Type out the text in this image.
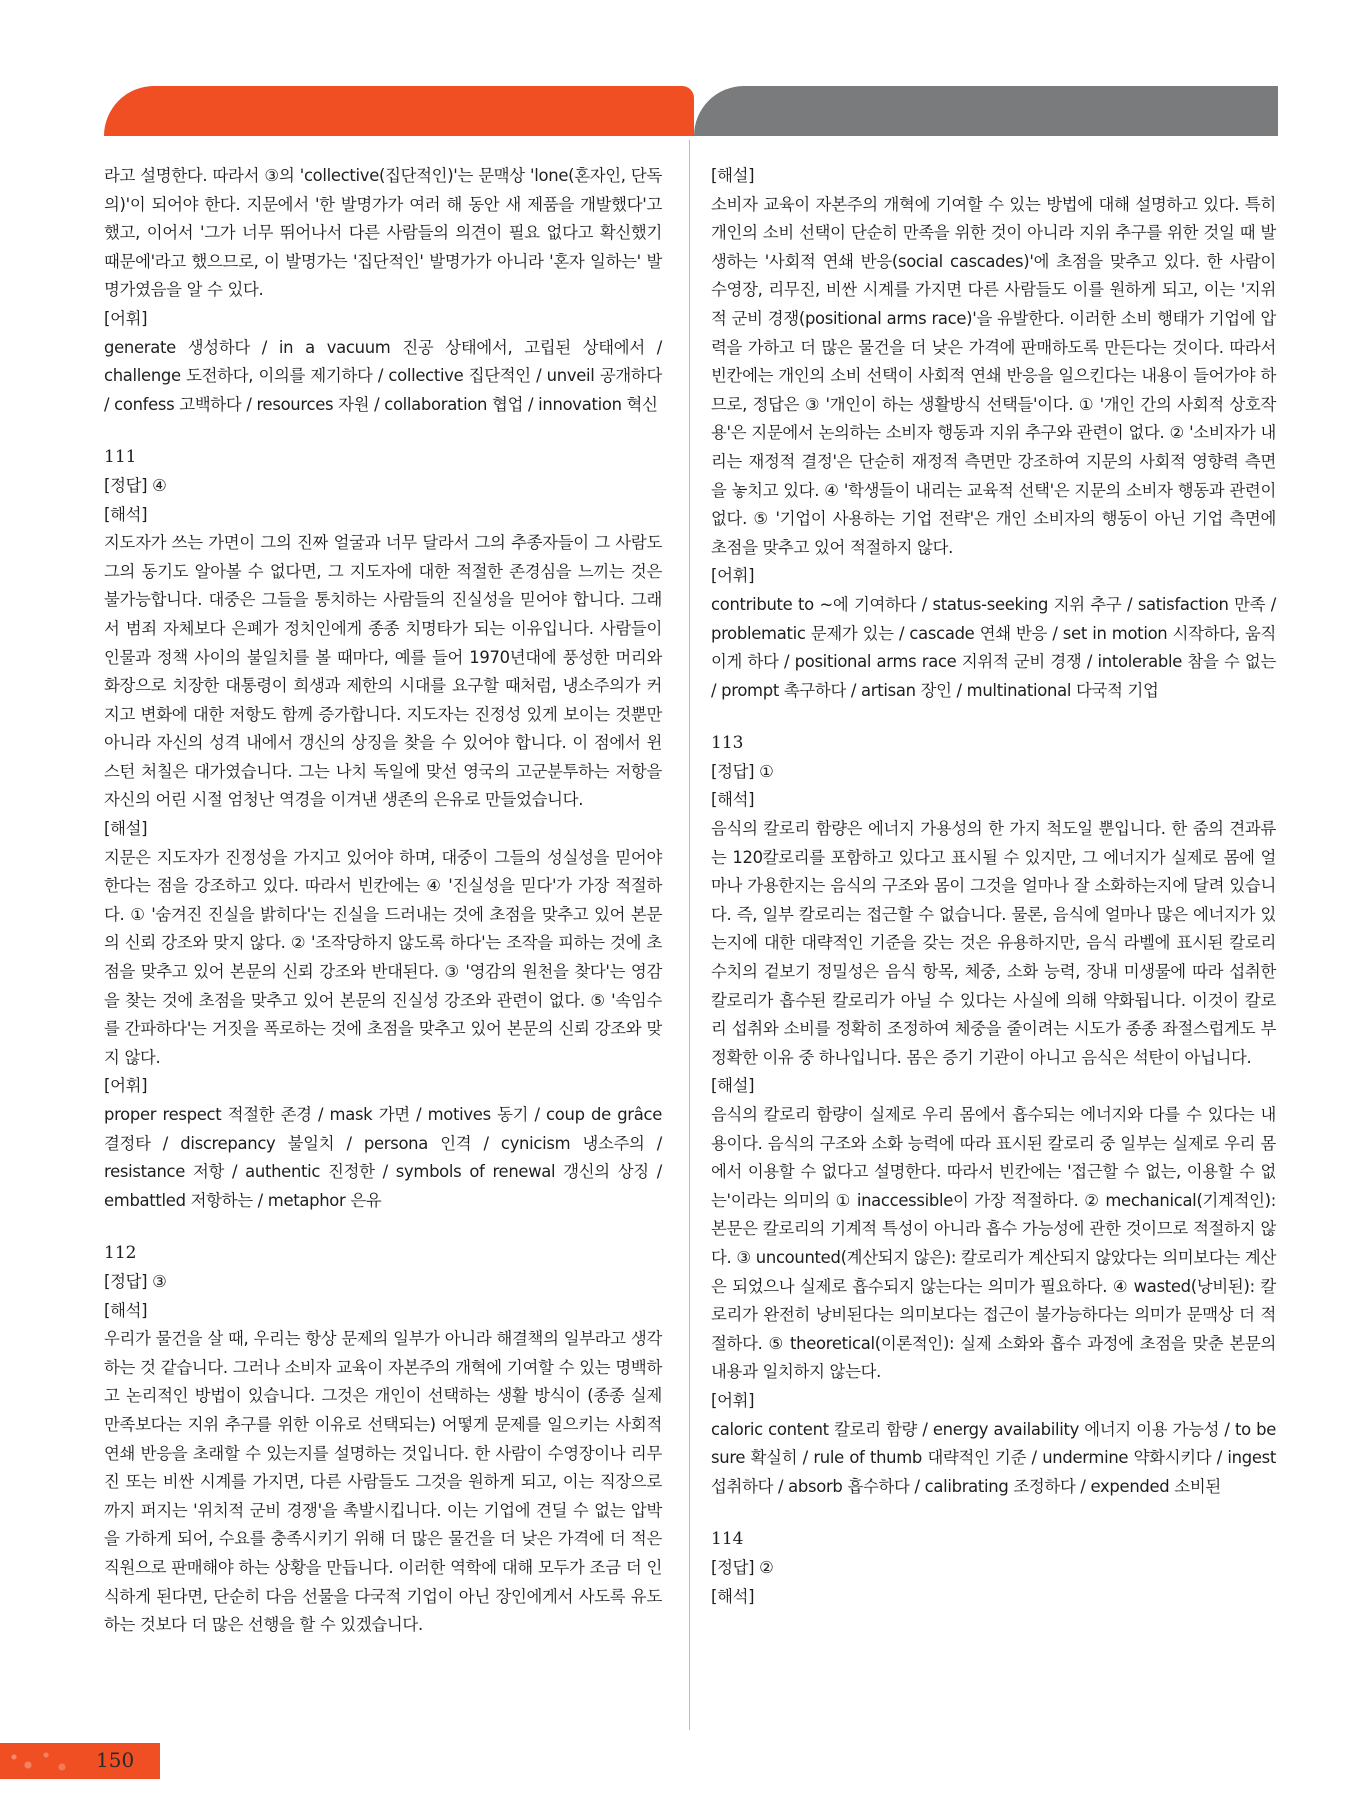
라고 설명한다. 따라서 ③의 'collective(집단적인)'는 문맥상 'lone(혼자인, 단독의)'이 되어야 한다. 지문에서 '한 발명가가 여러 해 동안 새 제품을 개발했다'고 했고, 이어서 '그가 너무 뛰어나서 다른 사람들의 의견이 필요 없다고 확신했기 때문에'라고 했으므로, 이 발명가는 '집단적인' 발명가가 아니라 '혼자 일하는' 발명가였음을 알 수 있다.
[어휘]
generate 생성하다 / in a vacuum 진공 상태에서, 고립된 상태에서 / challenge 도전하다, 이의를 제기하다 / collective 집단적인 / unveil 공개하다 / confess 고백하다 / resources 자원 / collaboration 협업 / innovation 혁신
111
[정답] ④
[해석]
지도자가 쓰는 가면이 그의 진짜 얼굴과 너무 달라서 그의 추종자들이 그 사람도 그의 동기도 알아볼 수 없다면, 그 지도자에 대한 적절한 존경심을 느끼는 것은 불가능합니다. 대중은 그들을 통치하는 사람들의 진실성을 믿어야 합니다. 그래서 범죄 자체보다 은폐가 정치인에게 종종 치명타가 되는 이유입니다. 사람들이 인물과 정책 사이의 불일치를 볼 때마다, 예를 들어 1970년대에 풍성한 머리와 화장으로 치장한 대통령이 희생과 제한의 시대를 요구할 때처럼, 냉소주의가 커지고 변화에 대한 저항도 함께 증가합니다. 지도자는 진정성 있게 보이는 것뿐만 아니라 자신의 성격 내에서 갱신의 상징을 찾을 수 있어야 합니다. 이 점에서 윈스턴 처칠은 대가였습니다. 그는 나치 독일에 맞선 영국의 고군분투하는 저항을 자신의 어린 시절 엄청난 역경을 이겨낸 생존의 은유로 만들었습니다.
[해설]
지문은 지도자가 진정성을 가지고 있어야 하며, 대중이 그들의 성실성을 믿어야 한다는 점을 강조하고 있다. 따라서 빈칸에는 ④ '진실성을 믿다'가 가장 적절하다. ① '숨겨진 진실을 밝히다'는 진실을 드러내는 것에 초점을 맞추고 있어 본문의 신뢰 강조와 맞지 않다. ② '조작당하지 않도록 하다'는 조작을 피하는 것에 초점을 맞추고 있어 본문의 신뢰 강조와 반대된다. ③ '영감의 원천을 찾다'는 영감을 찾는 것에 초점을 맞추고 있어 본문의 진실성 강조와 관련이 없다. ⑤ '속임수를 간파하다'는 거짓을 폭로하는 것에 초점을 맞추고 있어 본문의 신뢰 강조와 맞지 않다.
[어휘]
proper respect 적절한 존경 / mask 가면 / motives 동기 / coup de grâce 결정타 / discrepancy 불일치 / persona 인격 / cynicism 냉소주의 / resistance 저항 / authentic 진정한 / symbols of renewal 갱신의 상징 / embattled 저항하는 / metaphor 은유
112
[정답] ③
[해석]
우리가 물건을 살 때, 우리는 항상 문제의 일부가 아니라 해결책의 일부라고 생각하는 것 같습니다. 그러나 소비자 교육이 자본주의 개혁에 기여할 수 있는 명백하고 논리적인 방법이 있습니다. 그것은 개인이 선택하는 생활 방식이 (종종 실제 만족보다는 지위 추구를 위한 이유로 선택되는) 어떻게 문제를 일으키는 사회적 연쇄 반응을 초래할 수 있는지를 설명하는 것입니다. 한 사람이 수영장이나 리무진 또는 비싼 시계를 가지면, 다른 사람들도 그것을 원하게 되고, 이는 직장으로까지 퍼지는 '위치적 군비 경쟁'을 촉발시킵니다. 이는 기업에 견딜 수 없는 압박을 가하게 되어, 수요를 충족시키기 위해 더 많은 물건을 더 낮은 가격에 더 적은 직원으로 판매해야 하는 상황을 만듭니다. 이러한 역학에 대해 모두가 조금 더 인식하게 된다면, 단순히 다음 선물을 다국적 기업이 아닌 장인에게서 사도록 유도하는 것보다 더 많은 선행을 할 수 있겠습니다.
[해설]
소비자 교육이 자본주의 개혁에 기여할 수 있는 방법에 대해 설명하고 있다. 특히 개인의 소비 선택이 단순히 만족을 위한 것이 아니라 지위 추구를 위한 것일 때 발생하는 '사회적 연쇄 반응(social cascades)'에 초점을 맞추고 있다. 한 사람이 수영장, 리무진, 비싼 시계를 가지면 다른 사람들도 이를 원하게 되고, 이는 '지위적 군비 경쟁(positional arms race)'을 유발한다. 이러한 소비 행태가 기업에 압력을 가하고 더 많은 물건을 더 낮은 가격에 판매하도록 만든다는 것이다. 따라서 빈칸에는 개인의 소비 선택이 사회적 연쇄 반응을 일으킨다는 내용이 들어가야 하므로, 정답은 ③ '개인이 하는 생활방식 선택들'이다. ① '개인 간의 사회적 상호작용'은 지문에서 논의하는 소비자 행동과 지위 추구와 관련이 없다. ② '소비자가 내리는 재정적 결정'은 단순히 재정적 측면만 강조하여 지문의 사회적 영향력 측면을 놓치고 있다. ④ '학생들이 내리는 교육적 선택'은 지문의 소비자 행동과 관련이 없다. ⑤ '기업이 사용하는 기업 전략'은 개인 소비자의 행동이 아닌 기업 측면에 초점을 맞추고 있어 적절하지 않다.
[어휘]
contribute to ~에 기여하다 / status-seeking 지위 추구 / satisfaction 만족 / problematic 문제가 있는 / cascade 연쇄 반응 / set in motion 시작하다, 움직이게 하다 / positional arms race 지위적 군비 경쟁 / intolerable 참을 수 없는 / prompt 촉구하다 / artisan 장인 / multinational 다국적 기업
113
[정답] ①
[해석]
음식의 칼로리 함량은 에너지 가용성의 한 가지 척도일 뿐입니다. 한 줌의 견과류는 120칼로리를 포함하고 있다고 표시될 수 있지만, 그 에너지가 실제로 몸에 얼마나 가용한지는 음식의 구조와 몸이 그것을 얼마나 잘 소화하는지에 달려 있습니다. 즉, 일부 칼로리는 접근할 수 없습니다. 물론, 음식에 얼마나 많은 에너지가 있는지에 대한 대략적인 기준을 갖는 것은 유용하지만, 음식 라벨에 표시된 칼로리 수치의 겉보기 정밀성은 음식 항목, 체중, 소화 능력, 장내 미생물에 따라 섭취한 칼로리가 흡수된 칼로리가 아닐 수 있다는 사실에 의해 약화됩니다. 이것이 칼로리 섭취와 소비를 정확히 조정하여 체중을 줄이려는 시도가 종종 좌절스럽게도 부정확한 이유 중 하나입니다. 몸은 증기 기관이 아니고 음식은 석탄이 아닙니다.
[해설]
음식의 칼로리 함량이 실제로 우리 몸에서 흡수되는 에너지와 다를 수 있다는 내용이다. 음식의 구조와 소화 능력에 따라 표시된 칼로리 중 일부는 실제로 우리 몸에서 이용할 수 없다고 설명한다. 따라서 빈칸에는 '접근할 수 없는, 이용할 수 없는'이라는 의미의 ① inaccessible이 가장 적절하다. ② mechanical(기계적인): 본문은 칼로리의 기계적 특성이 아니라 흡수 가능성에 관한 것이므로 적절하지 않다. ③ uncounted(계산되지 않은): 칼로리가 계산되지 않았다는 의미보다는 계산은 되었으나 실제로 흡수되지 않는다는 의미가 필요하다. ④ wasted(낭비된): 칼로리가 완전히 낭비된다는 의미보다는 접근이 불가능하다는 의미가 문맥상 더 적절하다. ⑤ theoretical(이론적인): 실제 소화와 흡수 과정에 초점을 맞춘 본문의 내용과 일치하지 않는다.
[어휘]
caloric content 칼로리 함량 / energy availability 에너지 이용 가능성 / to be sure 확실히 / rule of thumb 대략적인 기준 / undermine 약화시키다 / ingest 섭취하다 / absorb 흡수하다 / calibrating 조정하다 / expended 소비된
114
[정답] ②
[해석]
150
